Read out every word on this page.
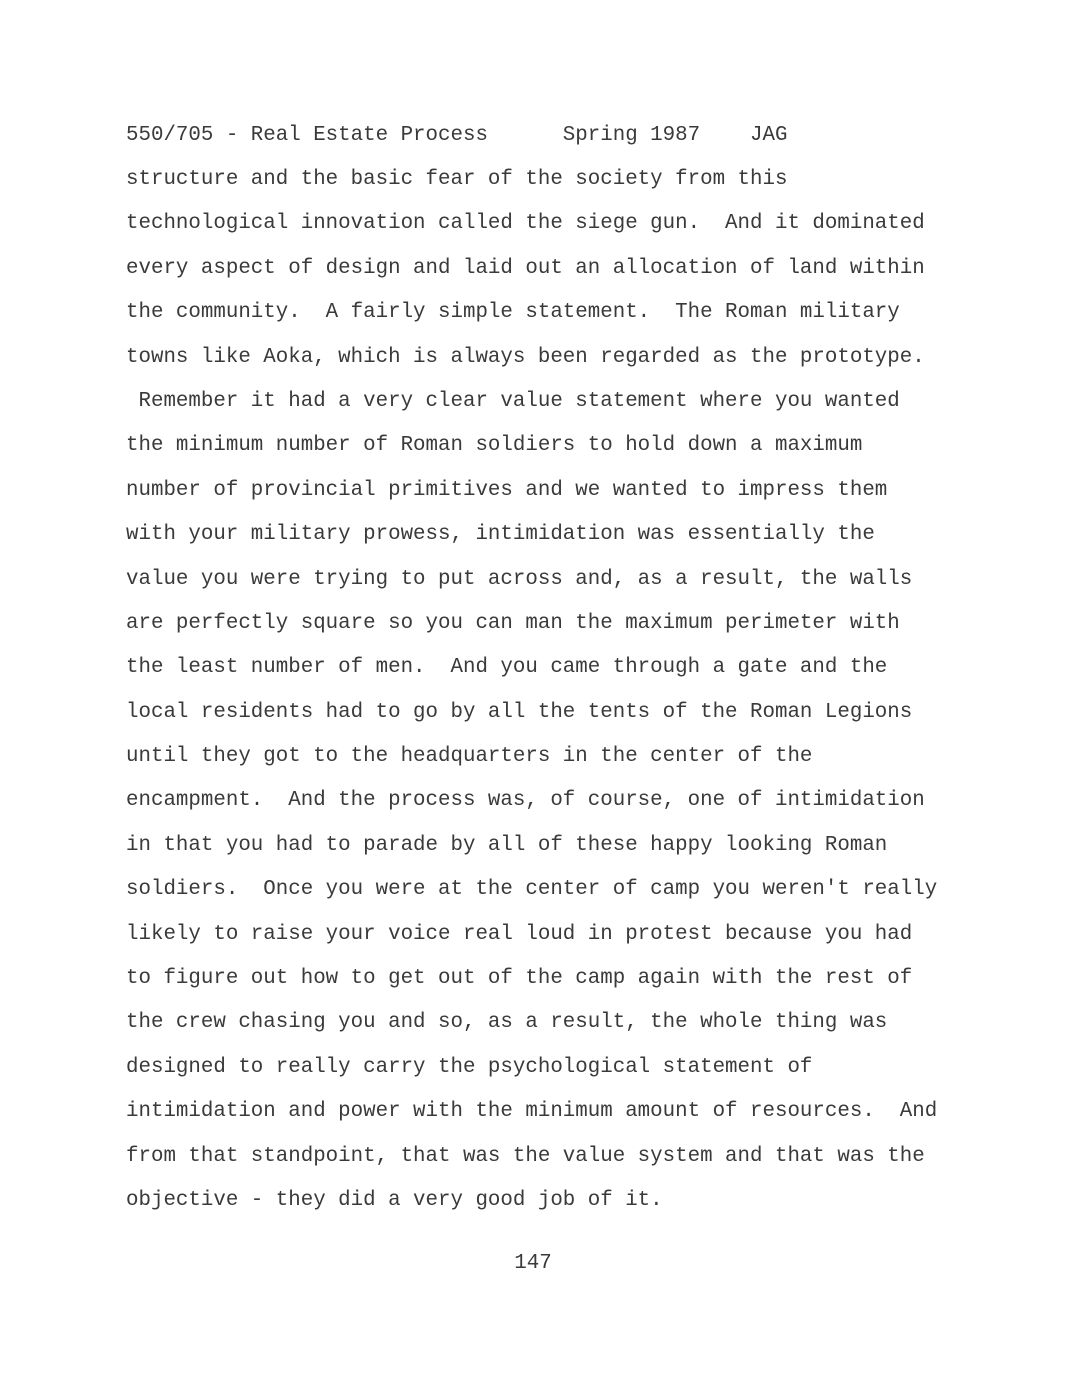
550/705 - Real Estate Process      Spring 1987    JAG
structure and the basic fear of the society from this
technological innovation called the siege gun.  And it dominated
every aspect of design and laid out an allocation of land within
the community.  A fairly simple statement.  The Roman military
towns like Aoka, which is always been regarded as the prototype.
Remember it had a very clear value statement where you wanted
the minimum number of Roman soldiers to hold down a maximum
number of provincial primitives and we wanted to impress them
with your military prowess, intimidation was essentially the
value you were trying to put across and, as a result, the walls
are perfectly square so you can man the maximum perimeter with
the least number of men.  And you came through a gate and the
local residents had to go by all the tents of the Roman Legions
until they got to the headquarters in the center of the
encampment.  And the process was, of course, one of intimidation
in that you had to parade by all of these happy looking Roman
soldiers.  Once you were at the center of camp you weren't really
likely to raise your voice real loud in protest because you had
to figure out how to get out of the camp again with the rest of
the crew chasing you and so, as a result, the whole thing was
designed to really carry the psychological statement of
intimidation and power with the minimum amount of resources.  And
from that standpoint, that was the value system and that was the
objective - they did a very good job of it.
147
